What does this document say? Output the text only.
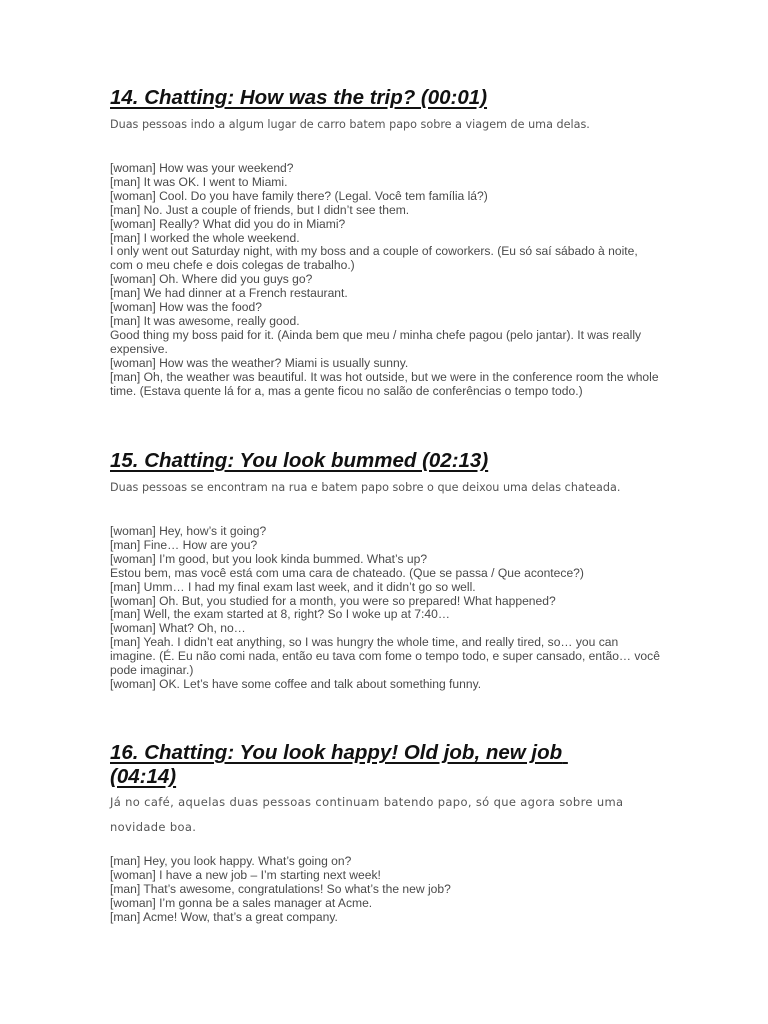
14. Chatting: How was the trip? (00:01)

Duas pessoas indo a algum lugar de carro batem papo sobre a viagem de uma delas.

[woman] How was your weekend?
[man] It was OK. I went to Miami.
[woman] Cool. Do you have family there? (Legal. Você tem família lá?)
[man] No. Just a couple of friends, but I didn’t see them.
[woman] Really? What did you do in Miami?
[man] I worked the whole weekend.
I only went out Saturday night, with my boss and a couple of coworkers. (Eu só saí sábado à noite, com o meu chefe e dois colegas de trabalho.)
[woman] Oh. Where did you guys go?
[man] We had dinner at a French restaurant.
[woman] How was the food?
[man] It was awesome, really good.
Good thing my boss paid for it. (Ainda bem que meu / minha chefe pagou (pelo jantar). It was really expensive.
[woman] How was the weather? Miami is usually sunny.
[man] Oh, the weather was beautiful. It was hot outside, but we were in the conference room the whole time. (Estava quente lá for a, mas a gente ficou no salão de conferências o tempo todo.)
15. Chatting: You look bummed (02:13)

Duas pessoas se encontram na rua e batem papo sobre o que deixou uma delas chateada.

[woman] Hey, how’s it going?
[man] Fine… How are you?
[woman] I’m good, but you look kinda bummed. What’s up?
Estou bem, mas você está com uma cara de chateado. (Que se passa / Que acontece?)
[man] Umm… I had my final exam last week, and it didn’t go so well.
[woman] Oh. But, you studied for a month, you were so prepared! What happened?
[man] Well, the exam started at 8, right? So I woke up at 7:40…
[woman] What? Oh, no…
[man] Yeah. I didn’t eat anything, so I was hungry the whole time, and really tired, so… you can imagine. (É. Eu não comi nada, então eu tava com fome o tempo todo, e super cansado, então… você pode imaginar.)
[woman] OK. Let’s have some coffee and talk about something funny.
16. Chatting: You look happy! Old job, new job (04:14)

Já no café, aquelas duas pessoas continuam batendo papo, só que agora sobre uma novidade boa.

[man] Hey, you look happy. What’s going on?
[woman] I have a new job – I’m starting next week!
[man] That’s awesome, congratulations! So what’s the new job?
[woman] I’m gonna be a sales manager at Acme.
[man] Acme! Wow, that’s a great company.
